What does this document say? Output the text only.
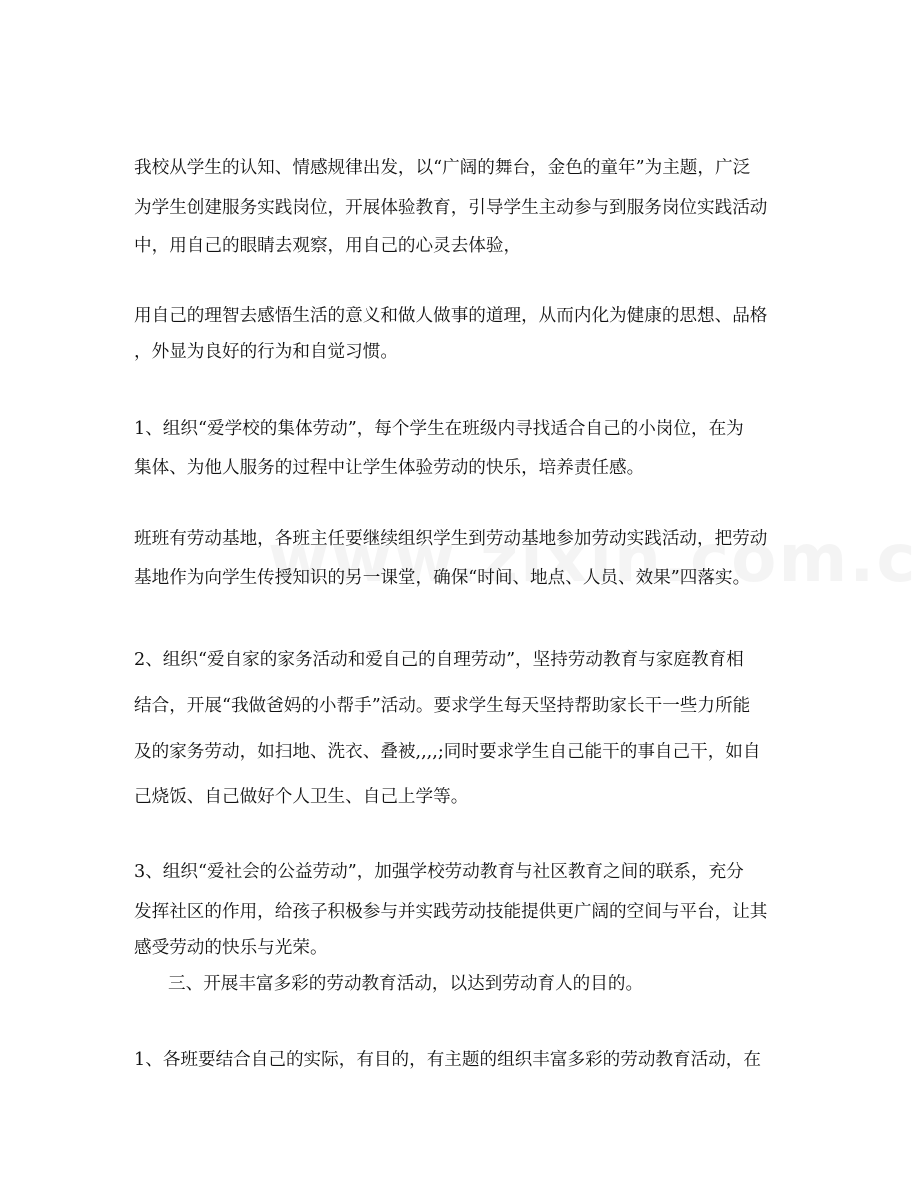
我校从学生的认知、情感规律出发，以“广阔的舞台，金色的童年”为主题，广泛

为学生创建服务实践岗位，开展体验教育，引导学生主动参与到服务岗位实践活动

中，用自己的眼睛去观察，用自己的心灵去体验，

用自己的理智去感悟生活的意义和做人做事的道理，从而内化为健康的思想、品格

，外显为良好的行为和自觉习惯。

1、组织“爱学校的集体劳动”，每个学生在班级内寻找适合自己的小岗位，在为

集体、为他人服务的过程中让学生体验劳动的快乐，培养责任感。

班班有劳动基地，各班主任要继续组织学生到劳动基地参加劳动实践活动，把劳动

基地作为向学生传授知识的另一课堂，确保“时间、地点、人员、效果”四落实。

2、组织“爱自家的家务活动和爱自己的自理劳动”，坚持劳动教育与家庭教育相

结合，开展“我做爸妈的小帮手”活动。要求学生每天坚持帮助家长干一些力所能

及的家务劳动，如扫地、洗衣、叠被,,,,;同时要求学生自己能干的事自己干，如自

己烧饭、自己做好个人卫生、自己上学等。

3、组织“爱社会的公益劳动”，加强学校劳动教育与社区教育之间的联系，充分

发挥社区的作用，给孩子积极参与并实践劳动技能提供更广阔的空间与平台，让其

感受劳动的快乐与光荣。

三、开展丰富多彩的劳动教育活动，以达到劳动育人的目的。

1、各班要结合自己的实际，有目的，有主题的组织丰富多彩的劳动教育活动，在
